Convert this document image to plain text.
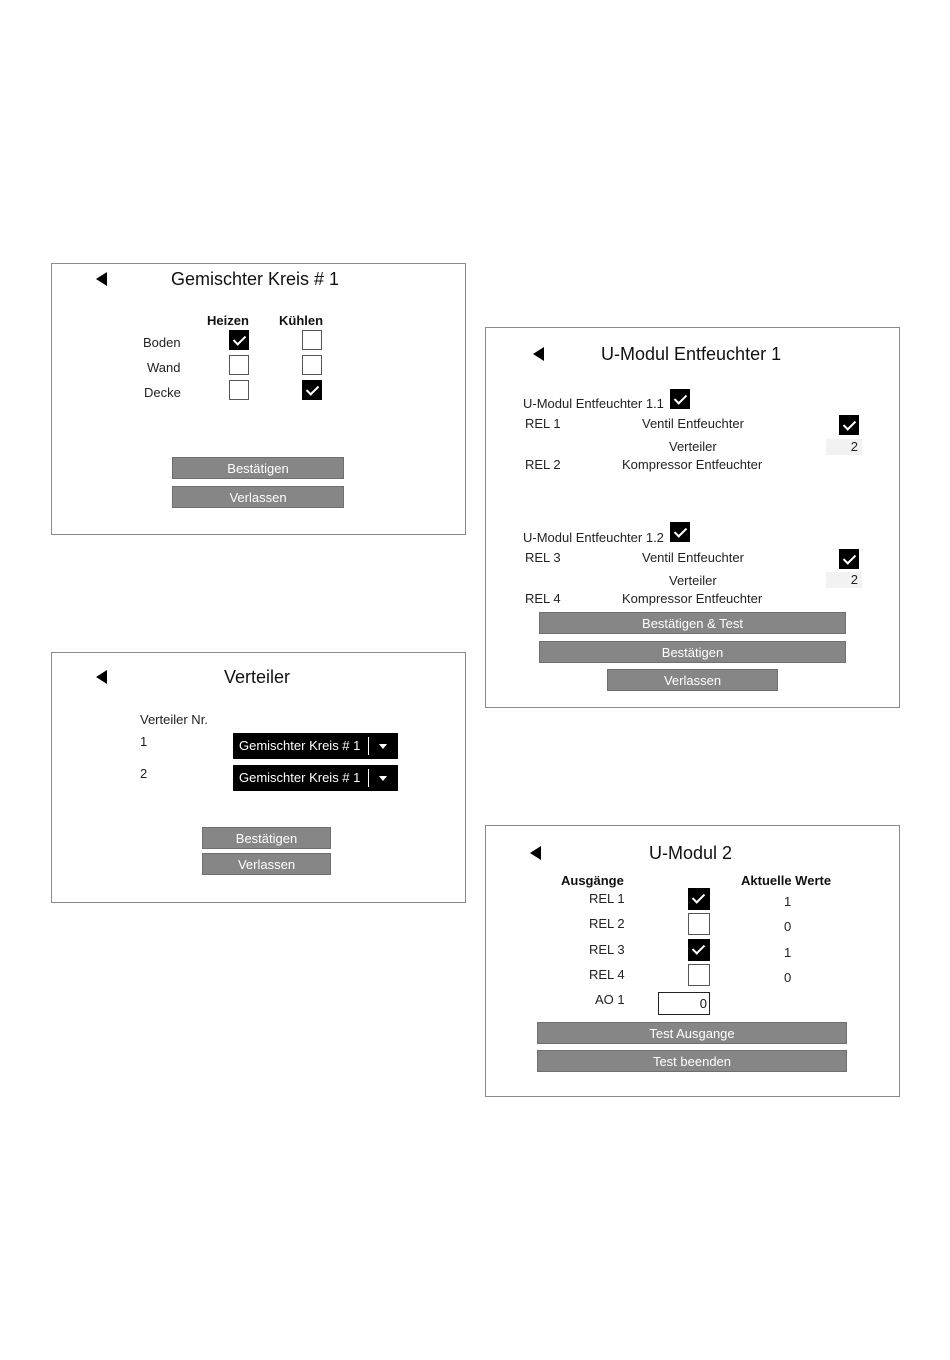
Gemischter Kreis # 1
Heizen Kühlen
Boden
Wand
Decke
Bestätigen
Verlassen
Verteiler
Verteiler Nr.
1	Gemischter Kreis # 1
2	Gemischter Kreis # 1
Bestätigen
Verlassen
U-Modul Entfeuchter 1
U-Modul Entfeuchter 1.1
REL 1	Ventil Entfeuchter
Verteiler	2
REL 2	Kompressor Entfeuchter
U-Modul Entfeuchter 1.2
REL 3	Ventil Entfeuchter
Verteiler	2
REL 4	Kompressor Entfeuchter
Bestätigen & Test
Bestätigen
Verlassen
U-Modul 2
Ausgänge	Aktuelle Werte
REL 1	1
REL 2	0
REL 3	1
REL 4	0
AO 1	0
Test Ausgange
Test beenden
